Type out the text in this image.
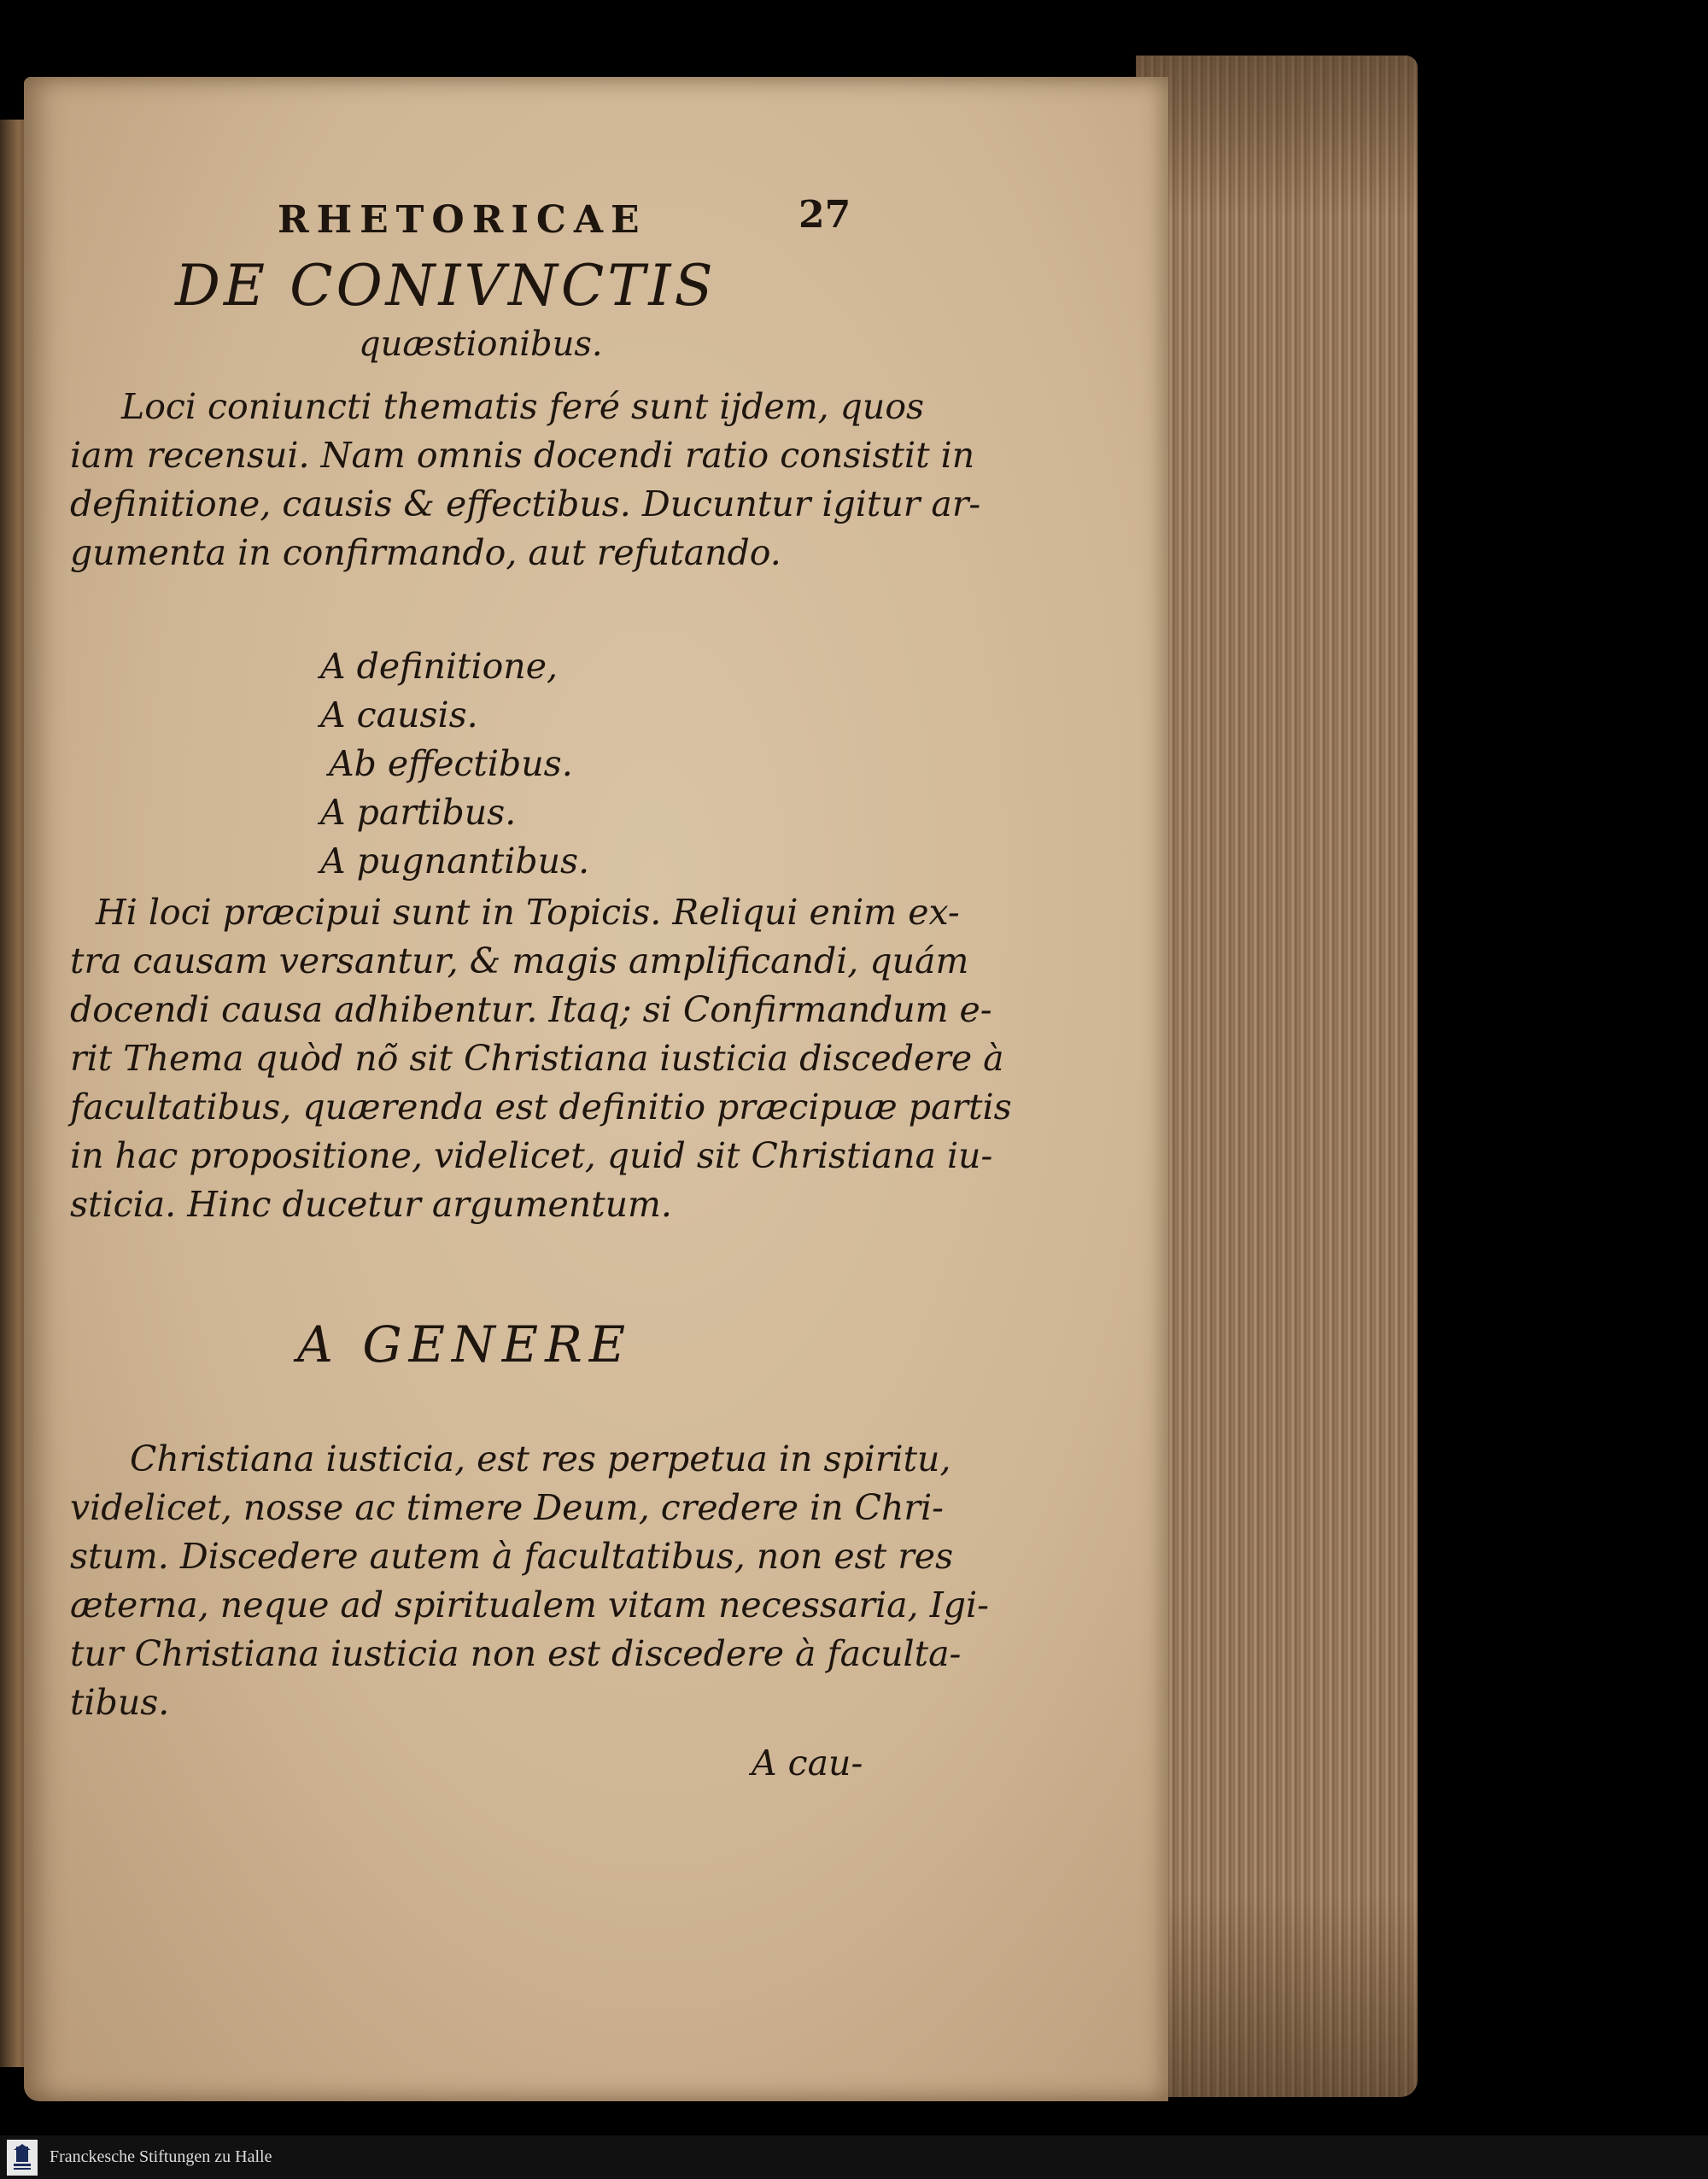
RHETORICAE	27
DE CONIVNCTIS
quæstionibus.
Loci coniuncti thematis feré sunt ijdem, quos
iam recensui. Nam omnis docendi ratio consistit in
definitione, causis & effectibus. Ducuntur igitur ar-
gumenta in confirmando, aut refutando.
A definitione,
A causis.
Ab effectibus.
A partibus.
A pugnantibus.
Hi loci præcipui sunt in Topicis. Reliqui enim ex-
tra causam versantur, & magis amplificandi, quám
docendi causa adhibentur. Itaq; si Confirmandum e-
rit Thema quòd nõ sit Christiana iusticia discedere à
facultatibus, quærenda est definitio præcipuæ partis
in hac propositione, videlicet, quid sit Christiana iu-
sticia. Hinc ducetur argumentum.
A GENERE
Christiana iusticia, est res perpetua in spiritu,
videlicet, nosse ac timere Deum, credere in Chri-
stum. Discedere autem à facultatibus, non est res
æterna, neque ad spiritualem vitam necessaria, Igi-
tur Christiana iusticia non est discedere à faculta-
tibus.
A cau-
Franckesche Stiftungen zu Halle
